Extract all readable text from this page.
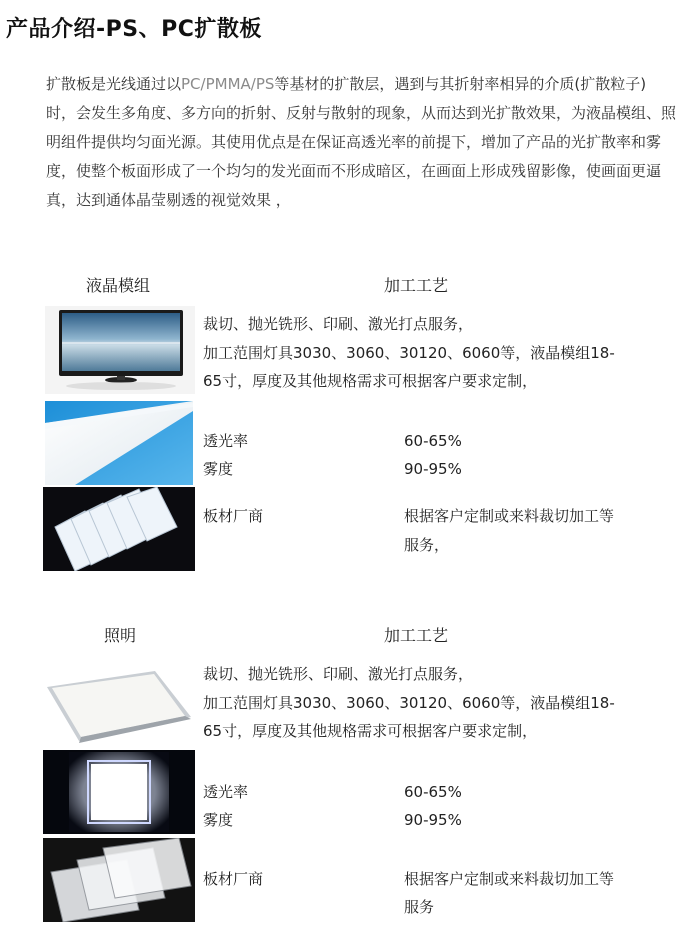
产品介绍-PS、PC扩散板
扩散板是光线通过以PC/PMMA/PS等基材的扩散层，遇到与其折射率相异的介质(扩散粒子)时，会发生多角度、多方向的折射、反射与散射的现象，从而达到光扩散效果，为液晶模组、照明组件提供均匀面光源。其使用优点是在保证高透光率的前提下，增加了产品的光扩散率和雾度，使整个板面形成了一个均匀的发光面而不形成暗区，在画面上形成残留影像，使画面更逼真，达到通体晶莹剔透的视觉效果 ，
液晶模组	加工工艺
裁切、抛光铣形、印刷、激光打点服务，
加工范围灯具3030、3060、30120、6060等，液晶模组18-
65寸，厚度及其他规格需求可根据客户要求定制，
透光率	60-65%
雾度	90-95%
板材厂商	根据客户定制或来料裁切加工等
服务，
照明	加工工艺
裁切、抛光铣形、印刷、激光打点服务，
加工范围灯具3030、3060、30120、6060等，液晶模组18-
65寸，厚度及其他规格需求可根据客户要求定制，
透光率	60-65%
雾度	90-95%
板材厂商	根据客户定制或来料裁切加工等
服务
